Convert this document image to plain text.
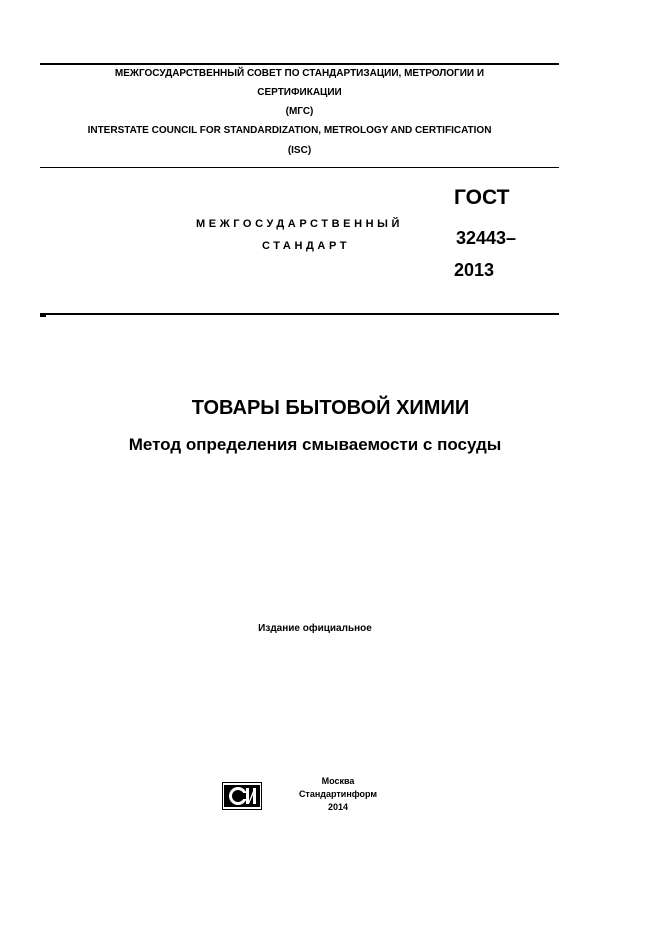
МЕЖГОСУДАРСТВЕННЫЙ СОВЕТ ПО СТАНДАРТИЗАЦИИ, МЕТРОЛОГИИ И
СЕРТИФИКАЦИИ
(МГС)
INTERSTATE COUNCIL FOR STANDARDIZATION, METROLOGY AND CERTIFICATION
(ISC)
МЕЖГОСУДАРСТВЕННЫЙ
СТАНДАРТ
ГОСТ
32443–
2013
ТОВАРЫ БЫТОВОЙ ХИМИИ
Метод определения смываемости с посуды
Издание официальное
Москва
Стандартинформ
2014
